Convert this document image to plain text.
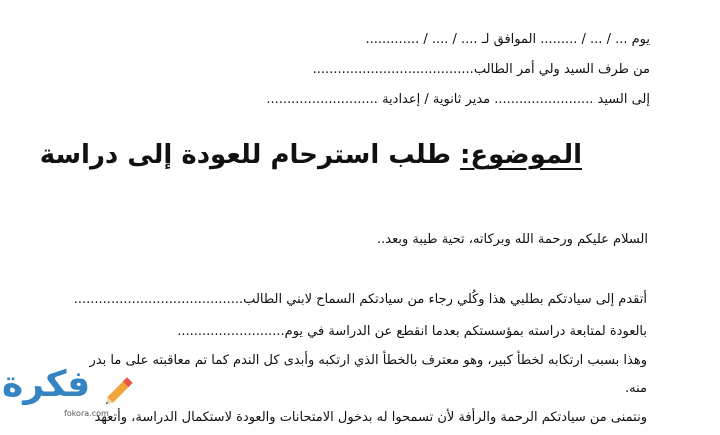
يوم ... / ... / ......... الموافق لـ .... / .... / .............
من طرف السيد ولي أمر الطالب.......................................
إلى السيد ........................ مدير ثانوية / إعدادية ...........................
الموضوع: طلب استرحام للعودة إلى دراسة
السلام عليكم ورحمة الله وبركاته، تحية طيبة وبعد..
أتقدم إلى سيادتكم بطلبي هذا وكُلي رجاء من سيادتكم السماح لابني الطالب.........................................
بالعودة لمتابعة دراسته بمؤسستكم بعدما انقطع عن الدراسة في يوم..........................
وهذا بسبب ارتكابه لخطأ كبير، وهو معترف بالخطأ الذي ارتكبه وأبدى كل الندم كما تم معاقبته على ما بدر
منه.
ونتمنى من سيادتكم الرحمة والرأفة لأن تسمحوا له بدخول الامتحانات والعودة لاستكمال الدراسة، وأتعهد
فكرة
fokora.com
